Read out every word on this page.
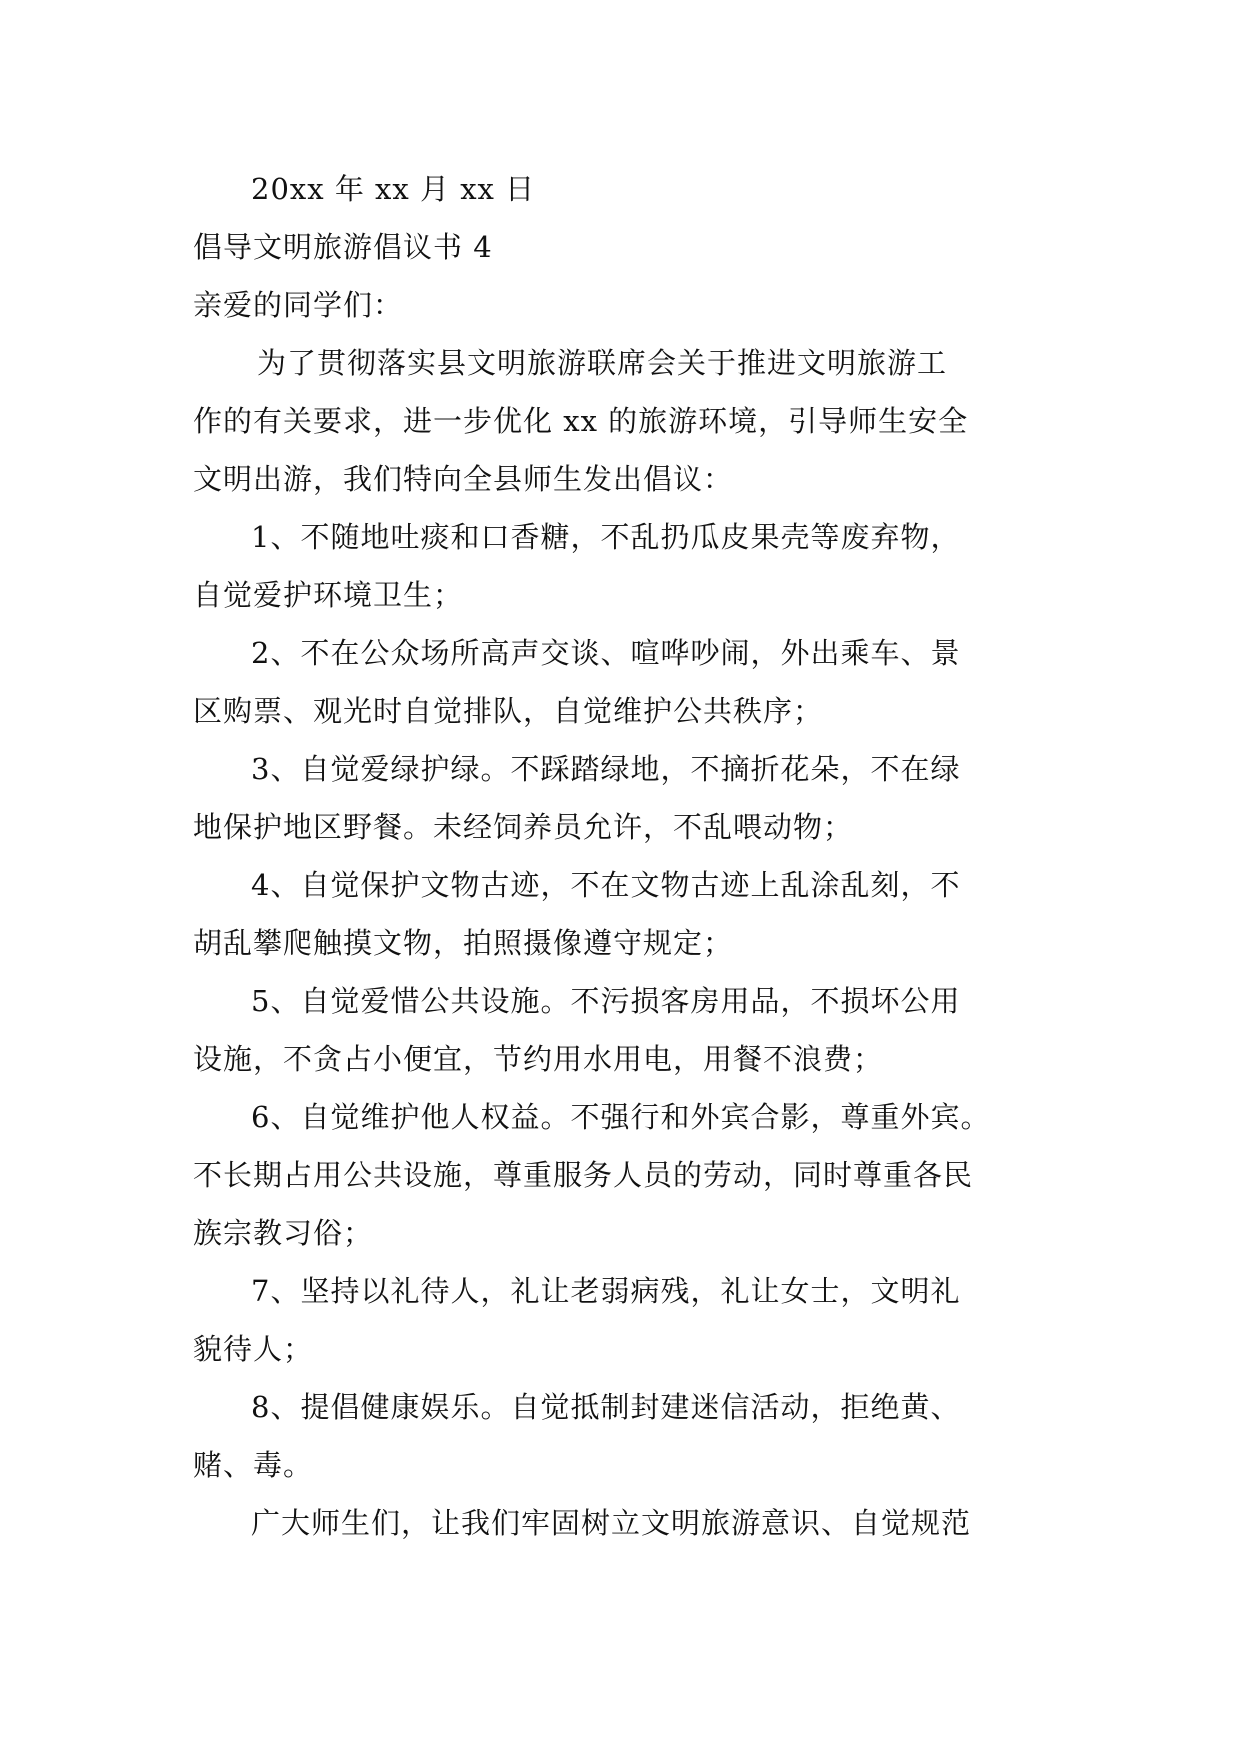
20xx 年 xx 月 xx 日

倡导文明旅游倡议书 4

亲爱的同学们：

为了贯彻落实县文明旅游联席会关于推进文明旅游工

作的有关要求，进一步优化 xx 的旅游环境，引导师生安全

文明出游，我们特向全县师生发出倡议：

1、不随地吐痰和口香糖，不乱扔瓜皮果壳等废弃物，

自觉爱护环境卫生；

2、不在公众场所高声交谈、喧哗吵闹，外出乘车、景

区购票、观光时自觉排队，自觉维护公共秩序；

3、自觉爱绿护绿。不踩踏绿地，不摘折花朵，不在绿

地保护地区野餐。未经饲养员允许，不乱喂动物；

4、自觉保护文物古迹，不在文物古迹上乱涂乱刻，不

胡乱攀爬触摸文物，拍照摄像遵守规定；

5、自觉爱惜公共设施。不污损客房用品，不损坏公用

设施，不贪占小便宜，节约用水用电，用餐不浪费；

6、自觉维护他人权益。不强行和外宾合影，尊重外宾。

不长期占用公共设施，尊重服务人员的劳动，同时尊重各民

族宗教习俗；

7、坚持以礼待人，礼让老弱病残，礼让女士，文明礼

貌待人；

8、提倡健康娱乐。自觉抵制封建迷信活动，拒绝黄、

赌、毒。

广大师生们，让我们牢固树立文明旅游意识、自觉规范
